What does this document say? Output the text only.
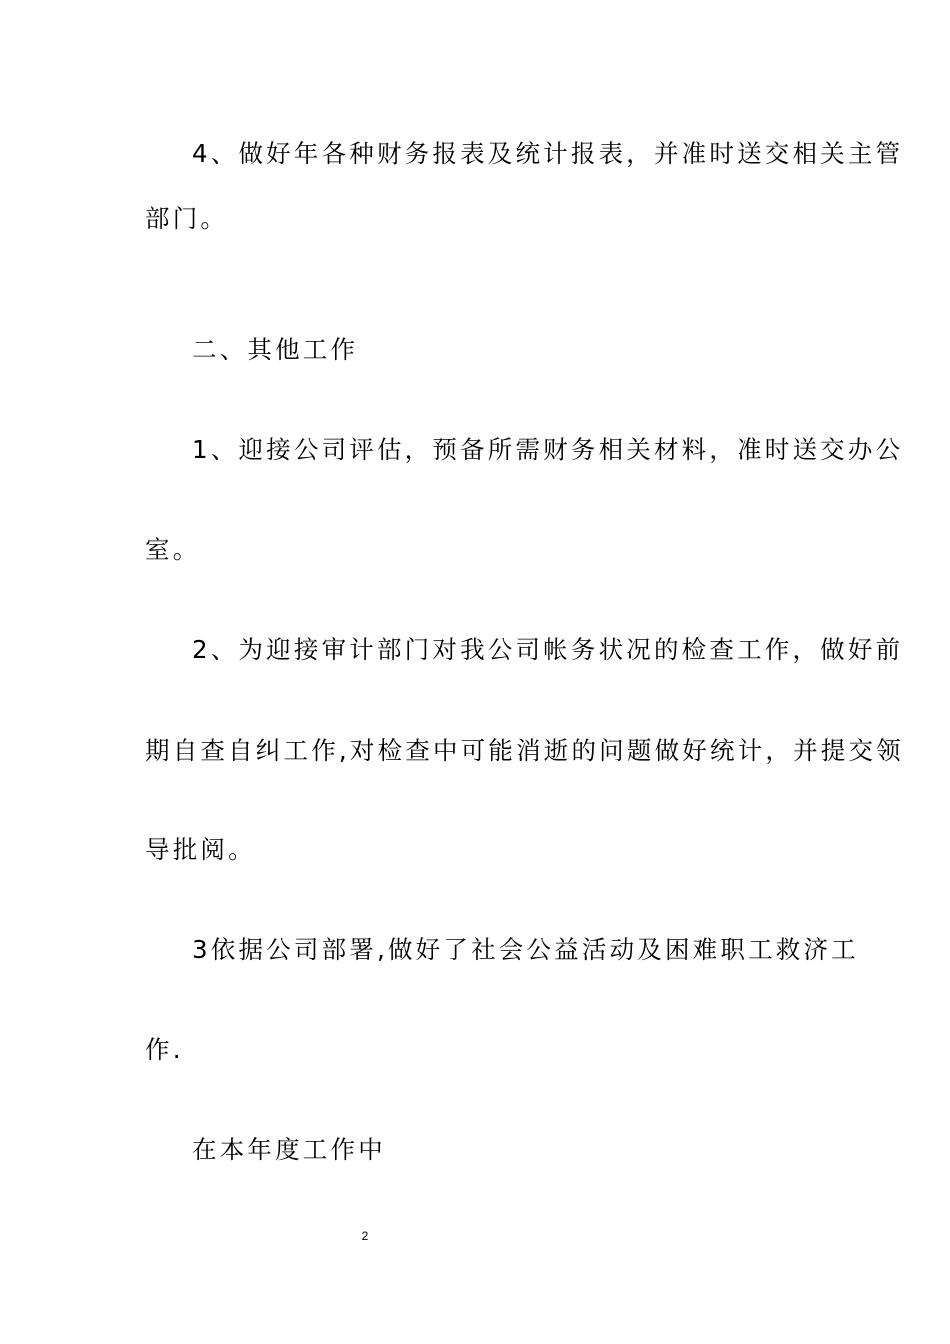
4、做好年各种财务报表及统计报表，并准时送交相关主管
部门。
二、其他工作
1、迎接公司评估，预备所需财务相关材料，准时送交办公
室。
2、为迎接审计部门对我公司帐务状况的检查工作，做好前
期自查自纠工作,对检查中可能消逝的问题做好统计，并提交领
导批阅。
3依据公司部署,做好了社会公益活动及困难职工救济工
作.
在本年度工作中
2
